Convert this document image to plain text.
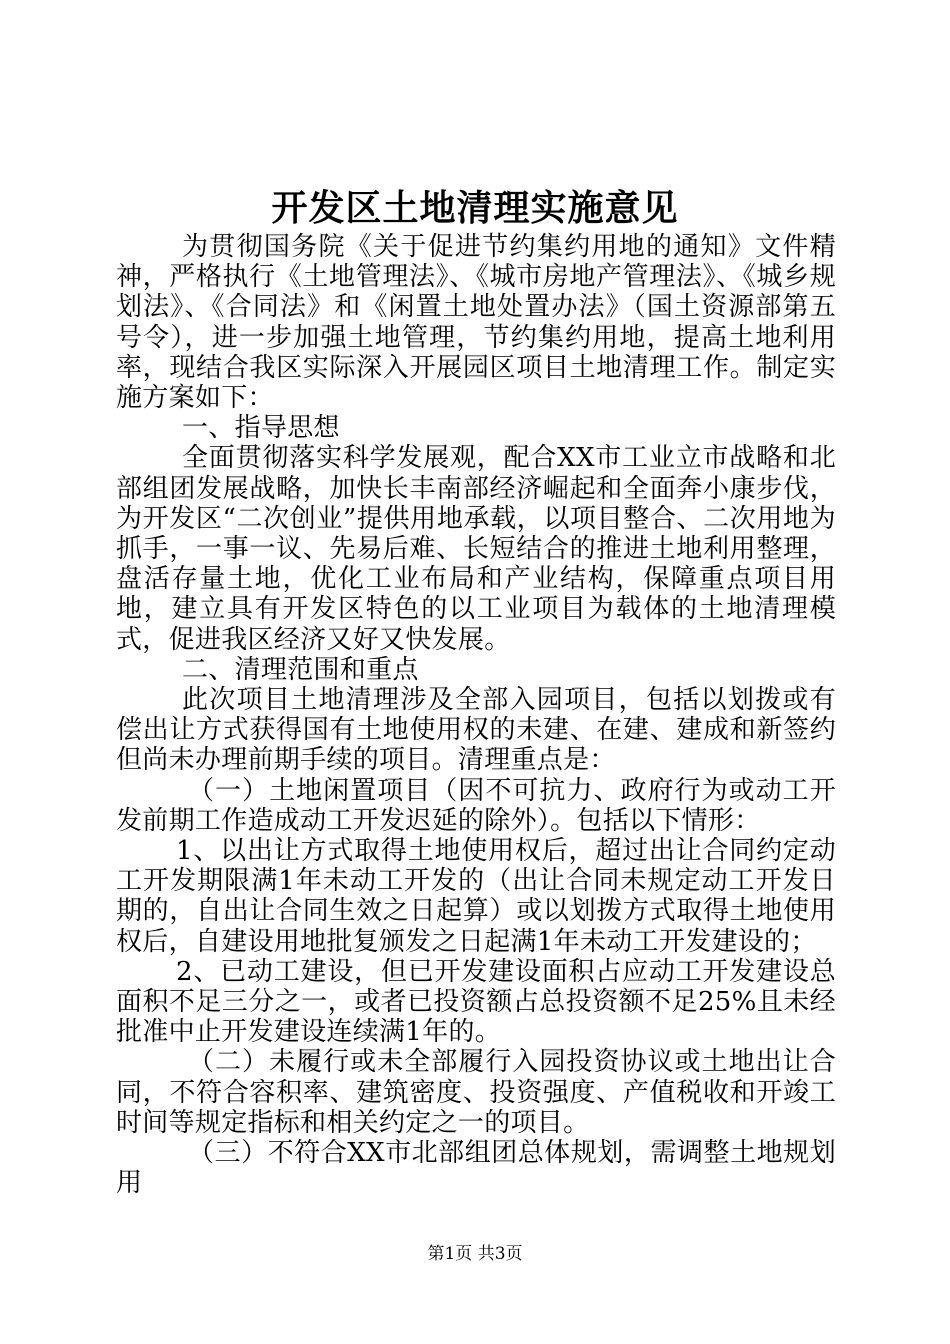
开发区土地清理实施意见

为贯彻国务院《关于促进节约集约用地的通知》文件精神，严格执行《土地管理法》、《城市房地产管理法》、《城乡规划法》、《合同法》和《闲置土地处置办法》（国土资源部第五号令），进一步加强土地管理，节约集约用地，提高土地利用率，现结合我区实际深入开展园区项目土地清理工作。制定实施方案如下：

一、指导思想

全面贯彻落实科学发展观，配合XX市工业立市战略和北部组团发展战略，加快长丰南部经济崛起和全面奔小康步伐，为开发区“二次创业”提供用地承载，以项目整合、二次用地为抓手，一事一议、先易后难、长短结合的推进土地利用整理，盘活存量土地，优化工业布局和产业结构，保障重点项目用地，建立具有开发区特色的以工业项目为载体的土地清理模式，促进我区经济又好又快发展。

二、清理范围和重点

此次项目土地清理涉及全部入园项目，包括以划拨或有偿出让方式获得国有土地使用权的未建、在建、建成和新签约但尚未办理前期手续的项目。清理重点是：

（一）土地闲置项目（因不可抗力、政府行为或动工开发前期工作造成动工开发迟延的除外）。包括以下情形：

1、以出让方式取得土地使用权后，超过出让合同约定动工开发期限满1年未动工开发的（出让合同未规定动工开发日期的，自出让合同生效之日起算）或以划拨方式取得土地使用权后，自建设用地批复颁发之日起满1年未动工开发建设的；

2、已动工建设，但已开发建设面积占应动工开发建设总面积不足三分之一，或者已投资额占总投资额不足25%且未经批准中止开发建设连续满1年的。

（二）未履行或未全部履行入园投资协议或土地出让合同，不符合容积率、建筑密度、投资强度、产值税收和开竣工时间等规定指标和相关约定之一的项目。

（三）不符合XX市北部组团总体规划，需调整土地规划用

第1页 共3页
